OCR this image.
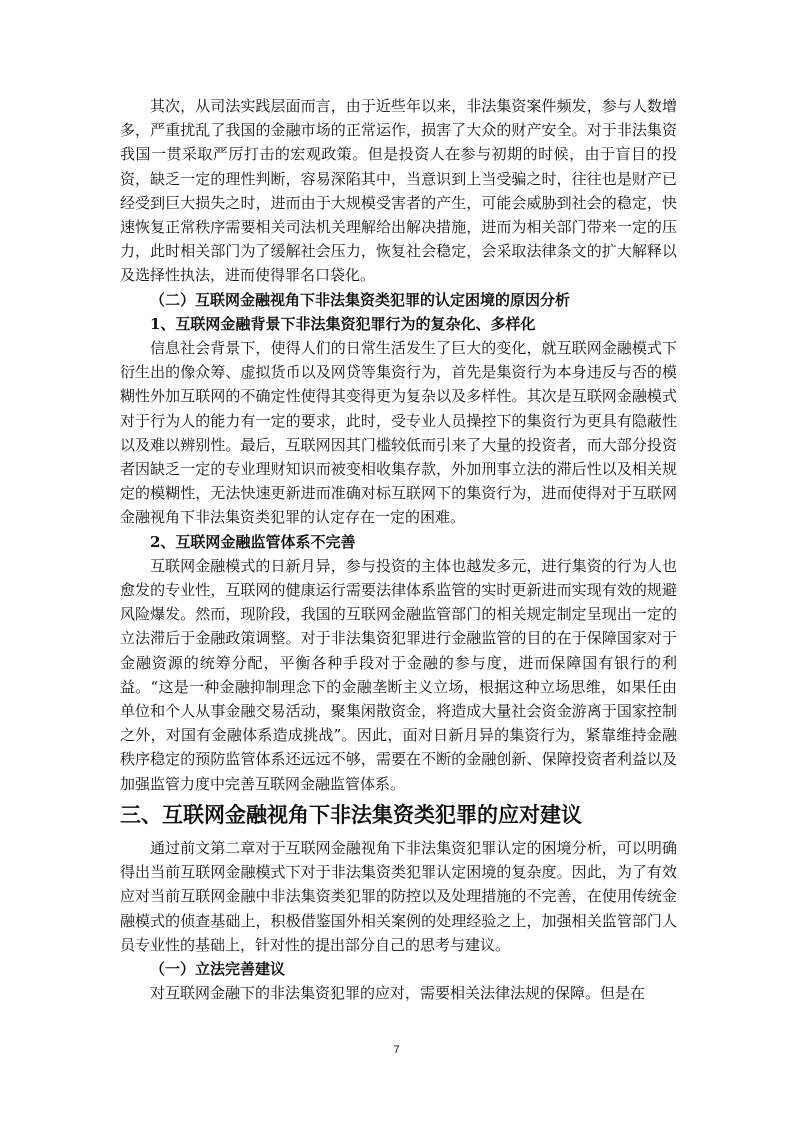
其次，从司法实践层面而言，由于近些年以来，非法集资案件频发，参与人数增多，严重扰乱了我国的金融市场的正常运作，损害了大众的财产安全。对于非法集资我国一贯采取严厉打击的宏观政策。但是投资人在参与初期的时候，由于盲目的投资，缺乏一定的理性判断，容易深陷其中，当意识到上当受骗之时，往往也是财产已经受到巨大损失之时，进而由于大规模受害者的产生，可能会威胁到社会的稳定，快速恢复正常秩序需要相关司法机关理解给出解决措施，进而为相关部门带来一定的压力，此时相关部门为了缓解社会压力，恢复社会稳定，会采取法律条文的扩大解释以及选择性执法，进而使得罪名口袋化。

（二）互联网金融视角下非法集资类犯罪的认定困境的原因分析
1、互联网金融背景下非法集资犯罪行为的复杂化、多样化

信息社会背景下，使得人们的日常生活发生了巨大的变化，就互联网金融模式下衍生出的像众筹、虚拟货币以及网贷等集资行为，首先是集资行为本身违反与否的模糊性外加互联网的不确定性使得其变得更为复杂以及多样性。其次是互联网金融模式对于行为人的能力有一定的要求，此时，受专业人员操控下的集资行为更具有隐蔽性以及难以辨别性。最后，互联网因其门槛较低而引来了大量的投资者，而大部分投资者因缺乏一定的专业理财知识而被变相收集存款，外加刑事立法的滞后性以及相关规定的模糊性，无法快速更新进而准确对标互联网下的集资行为，进而使得对于互联网金融视角下非法集资类犯罪的认定存在一定的困难。

2、互联网金融监管体系不完善

互联网金融模式的日新月异，参与投资的主体也越发多元，进行集资的行为人也愈发的专业性，互联网的健康运行需要法律体系监管的实时更新进而实现有效的规避风险爆发。然而，现阶段，我国的互联网金融监管部门的相关规定制定呈现出一定的立法滞后于金融政策调整。对于非法集资犯罪进行金融监管的目的在于保障国家对于金融资源的统筹分配，平衡各种手段对于金融的参与度，进而保障国有银行的利益。“这是一种金融抑制理念下的金融垄断主义立场，根据这种立场思维，如果任由单位和个人从事金融交易活动，聚集闲散资金，将造成大量社会资金游离于国家控制之外，对国有金融体系造成挑战”。因此，面对日新月异的集资行为，紧靠维持金融秩序稳定的预防监管体系还远远不够，需要在不断的金融创新、保障投资者利益以及加强监管力度中完善互联网金融监管体系。

三、互联网金融视角下非法集资类犯罪的应对建议

通过前文第二章对于互联网金融视角下非法集资犯罪认定的困境分析，可以明确得出当前互联网金融模式下对于非法集资类犯罪认定困境的复杂度。因此，为了有效应对当前互联网金融中非法集资类犯罪的防控以及处理措施的不完善，在使用传统金融模式的侦查基础上，积极借鉴国外相关案例的处理经验之上，加强相关监管部门人员专业性的基础上，针对性的提出部分自己的思考与建议。

（一）立法完善建议

对互联网金融下的非法集资犯罪的应对，需要相关法律法规的保障。但是在

7
